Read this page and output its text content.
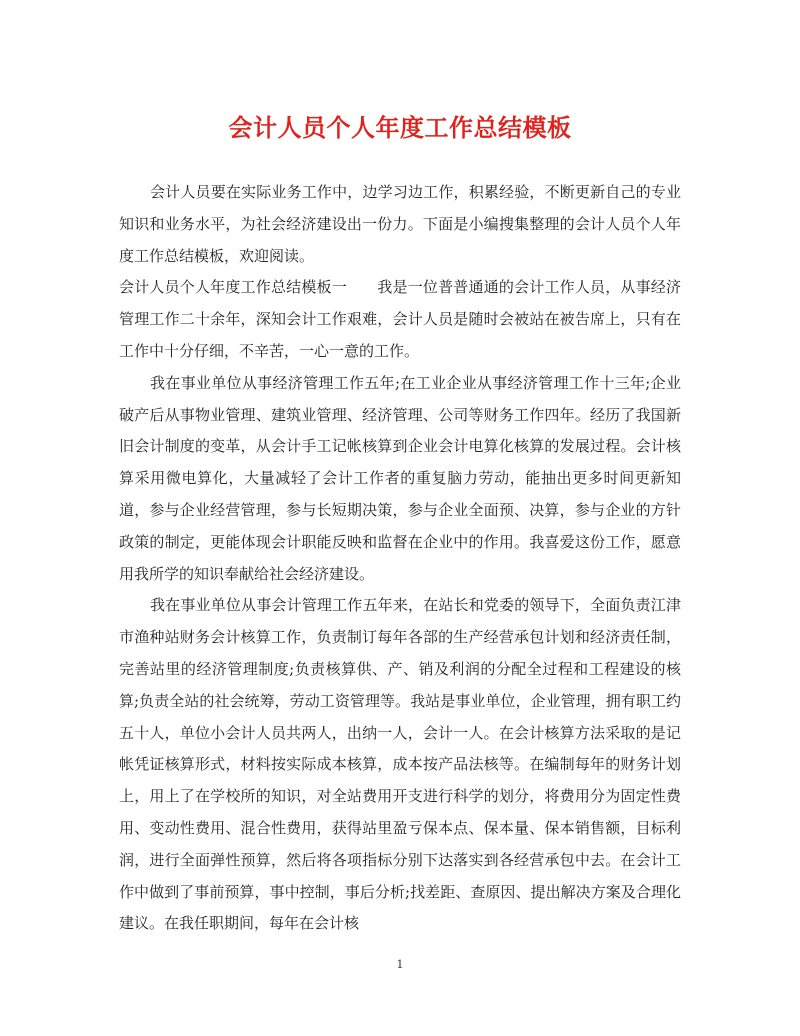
会计人员个人年度工作总结模板

会计人员要在实际业务工作中，边学习边工作，积累经验，不断更新自己的专业知识和业务水平，为社会经济建设出一份力。下面是小编搜集整理的会计人员个人年度工作总结模板，欢迎阅读。

会计人员个人年度工作总结模板一　　我是一位普普通通的会计工作人员，从事经济管理工作二十余年，深知会计工作艰难，会计人员是随时会被站在被告席上，只有在工作中十分仔细，不辛苦，一心一意的工作。

我在事业单位从事经济管理工作五年;在工业企业从事经济管理工作十三年;企业破产后从事物业管理、建筑业管理、经济管理、公司等财务工作四年。经历了我国新旧会计制度的变革，从会计手工记帐核算到企业会计电算化核算的发展过程。会计核算采用微电算化，大量减轻了会计工作者的重复脑力劳动，能抽出更多时间更新知道，参与企业经营管理，参与长短期决策，参与企业全面预、决算，参与企业的方针政策的制定，更能体现会计职能反映和监督在企业中的作用。我喜爱这份工作，愿意用我所学的知识奉献给社会经济建设。

我在事业单位从事会计管理工作五年来，在站长和党委的领导下，全面负责江津市渔种站财务会计核算工作，负责制订每年各部的生产经营承包计划和经济责任制，完善站里的经济管理制度;负责核算供、产、销及利润的分配全过程和工程建设的核算;负责全站的社会统筹，劳动工资管理等。我站是事业单位，企业管理，拥有职工约五十人，单位小会计人员共两人，出纳一人，会计一人。在会计核算方法采取的是记帐凭证核算形式，材料按实际成本核算，成本按产品法核等。在编制每年的财务计划上，用上了在学校所的知识，对全站费用开支进行科学的划分，将费用分为固定性费用、变动性费用、混合性费用，获得站里盈亏保本点、保本量、保本销售额，目标利润，进行全面弹性预算，然后将各项指标分别下达落实到各经营承包中去。在会计工作中做到了事前预算，事中控制，事后分析;找差距、查原因、提出解决方案及合理化建议。在我任职期间，每年在会计核

1
